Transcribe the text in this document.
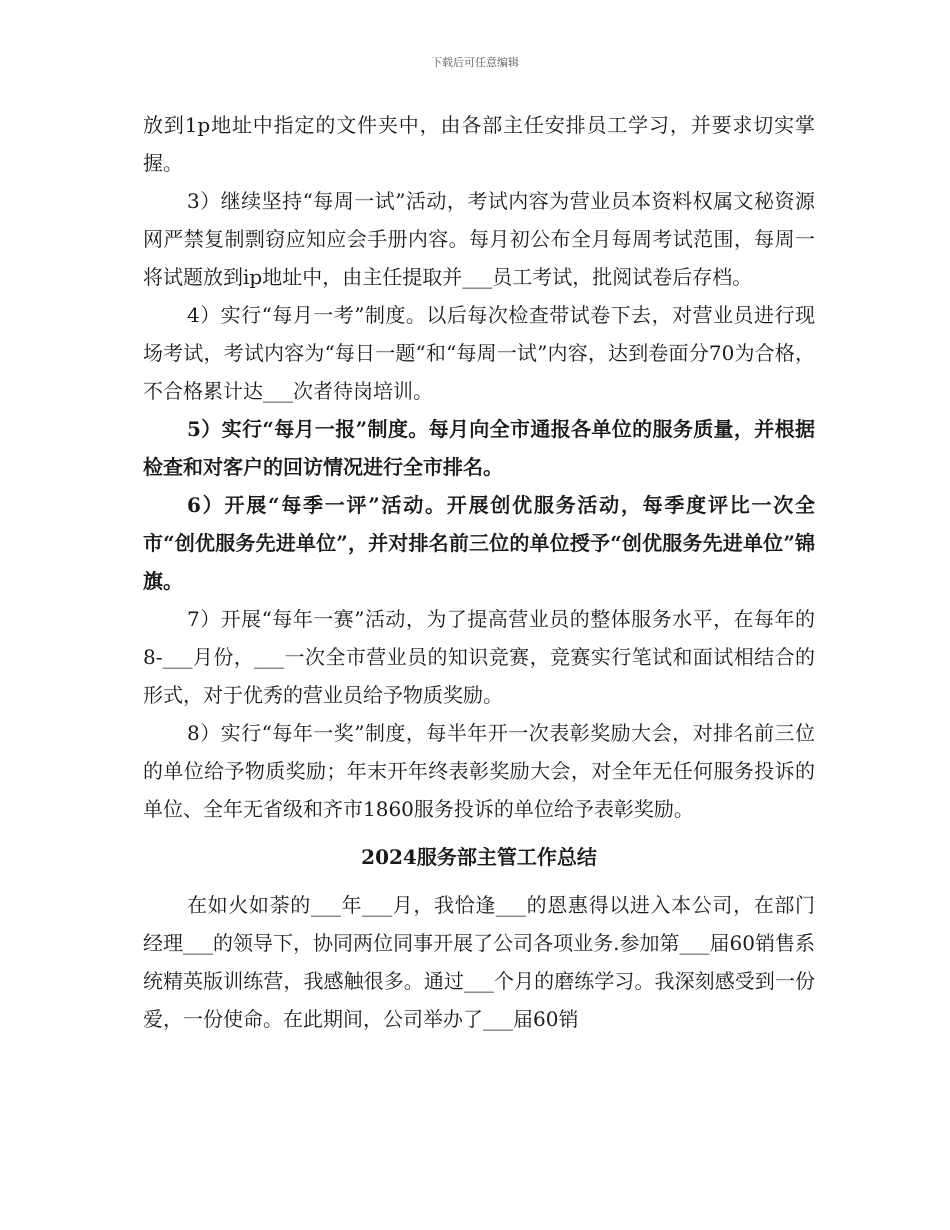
下载后可任意编辑

放到1p地址中指定的文件夹中，由各部主任安排员工学习，并要求切实掌握。

3）继续坚持“每周一试”活动，考试内容为营业员本资料权属文秘资源网严禁复制剽窃应知应会手册内容。每月初公布全月每周考试范围，每周一将试题放到ip地址中，由主任提取并___员工考试，批阅试卷后存档。

4）实行“每月一考”制度。以后每次检查带试卷下去，对营业员进行现场考试，考试内容为“每日一题“和“每周一试”内容，达到卷面分70为合格，不合格累计达___次者待岗培训。

5）实行“每月一报”制度。每月向全市通报各单位的服务质量，并根据检查和对客户的回访情况进行全市排名。

6）开展“每季一评”活动。开展创优服务活动，每季度评比一次全市“创优服务先进单位”，并对排名前三位的单位授予“创优服务先进单位”锦旗。

7）开展“每年一赛”活动，为了提高营业员的整体服务水平，在每年的8-___月份，___一次全市营业员的知识竞赛，竞赛实行笔试和面试相结合的形式，对于优秀的营业员给予物质奖励。

8）实行“每年一奖”制度，每半年开一次表彰奖励大会，对排名前三位的单位给予物质奖励；年末开年终表彰奖励大会，对全年无任何服务投诉的单位、全年无省级和齐市1860服务投诉的单位给予表彰奖励。

2024服务部主管工作总结

在如火如荼的___年___月，我恰逢___的恩惠得以进入本公司，在部门经理___的领导下，协同两位同事开展了公司各项业务.参加第___届60销售系统精英版训练营，我感触很多。通过___个月的磨练学习。我深刻感受到一份爱，一份使命。在此期间，公司举办了___届60销
